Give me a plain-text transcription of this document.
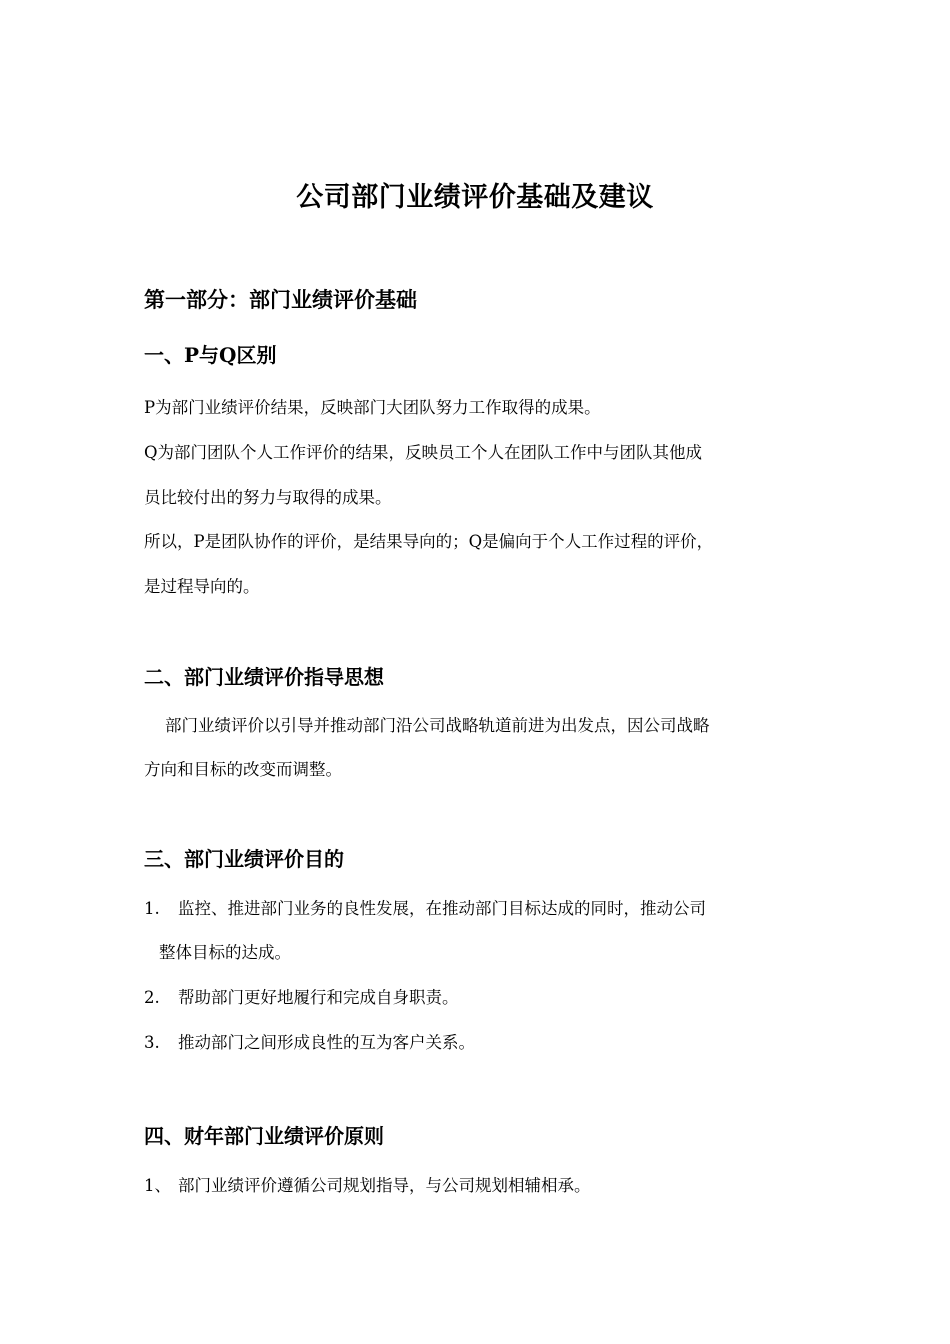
公司部门业绩评价基础及建议
第一部分：部门业绩评价基础
一、P与Q区别
P为部门业绩评价结果，反映部门大团队努力工作取得的成果。
Q为部门团队个人工作评价的结果，反映员工个人在团队工作中与团队其他成
员比较付出的努力与取得的成果。
所以，P是团队协作的评价，是结果导向的；Q是偏向于个人工作过程的评价，
是过程导向的。
二、部门业绩评价指导思想
部门业绩评价以引导并推动部门沿公司战略轨道前进为出发点，因公司战略
方向和目标的改变而调整。
三、部门业绩评价目的
1. 监控、推进部门业务的良性发展，在推动部门目标达成的同时，推动公司
整体目标的达成。
2. 帮助部门更好地履行和完成自身职责。
3. 推动部门之间形成良性的互为客户关系。
四、财年部门业绩评价原则
1、 部门业绩评价遵循公司规划指导，与公司规划相辅相承。
